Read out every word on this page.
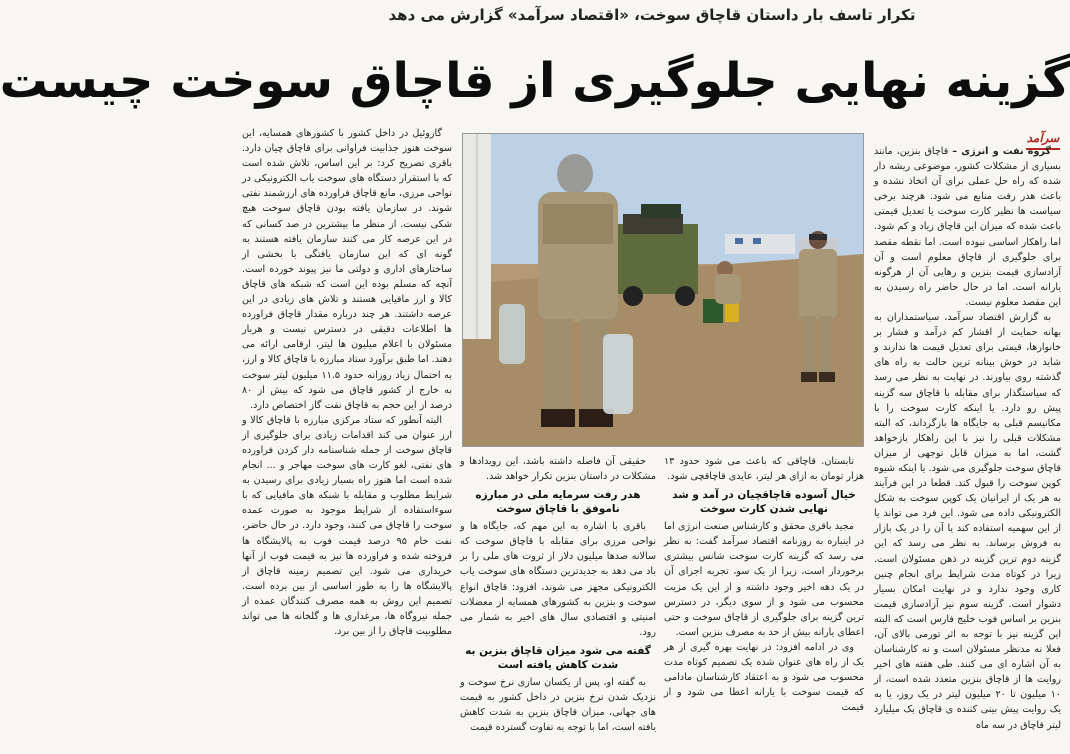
تکرار تاسف بار داستان قاچاق سوخت، «اقتصاد سرآمد» گزارش می دهد
گزینه نهایی جلوگیری از قاچاق سوخت چیست
سرآمد

گروه نفت و انرژی – قاچاق بنزین، مانند بسیاری از مشکلات کشور، موضوعی ریشه دار شده که راه حل عملی برای آن اتخاذ نشده و باعث هدر رفت منابع می شود. هرچند برخی سیاست ها نظیر کارت سوخت یا تعدیل قیمتی باعث شده که میزان این قاچاق زیاد و کم شود. اما راهکار اساسی نبوده است. اما نقطه مقصد برای جلوگیری از قاچاق معلوم است و آن آزادسازی قیمت بنزین و رهایی آن از هرگونه یارانه است. اما در حال حاضر راه رسیدن به این مقصد معلوم نیست.

به گزارش اقتصاد سرآمد، سیاستمداران به بهانه حمایت از اقشار کم درآمد و فشار بر خانوارها، قیمتی برای تعدیل قیمت ها ندارند و شاید در خوش بینانه ترین حالت به راه های گذشته روی بیاورند. در نهایت به نظر می رسد که سیاستگذار برای مقابله با قاچاق سه گزینه پیش رو دارد. یا اینکه کارت سوخت را با مکانیسم قبلی به جایگاه ها بازگرداند، که البته مشکلات قبلی را نیز با این راهکار بازخواهد گشت، اما به میزان قابل توجهی از میزان قاچاق سوخت جلوگیری می شود. یا اینکه شیوه کوپن سوخت را قبول کند. قطعا در این فرآیند به هر یک از ایرانیان یک کوپن سوخت به شکل الکترونیکی داده می شود. این فرد می تواند یا از این سهمیه استفاده کند یا آن را در یک بازار به فروش برساند. به نظر می رسد که این گزینه دوم ترین گزینه در ذهن مسئولان است. زیرا در کوتاه مدت شرایط برای انجام چنین کاری وجود ندارد و در نهایت امکان بسیار دشوار است. گزینه سوم نیز آزادسازی قیمت بنزین بر اساس فوب خلیج فارس است که البته این گزینه نیز با توجه به اثر تورمی بالای آن، فعلا نه مدنظر مسئولان است و نه کارشناسان به آن اشاره ای می کنند. طی هفته های اخیر روایت ها از قاچاق بنزین متعدد شده است، از ۱۰ میلیون تا ۲۰ میلیون لیتر در یک روز، یا به یک روایت پیش بینی کننده ی قاچاق یک میلیارد لیتر قاچاق در سه ماه

تابستان. قاچاقی که باعث می شود حدود ۱۳ هزار تومان به ازای هر لیتر، عایدی قاچاقچی شود.

خیال آسوده قاچاقچیان در آمد و شد نهایی شدن کارت سوخت

مجید باقری محقق و کارشناس صنعت انرژی اما در اینباره به روزنامه اقتصاد سرآمد گفت: به نظر می رسد که گزینه کارت سوخت شانس بیشتری برخوردار است، زیرا از یک سو، تجربه اجرای آن در یک دهه اخیر وجود داشته و از این یک مزیت محسوب می شود و از سوی دیگر، در دسترس ترین گزینه برای جلوگیری از قاچاق سوخت و حتی اعطای یارانه بیش از حد به مصرف بنزین است.

وی در ادامه افزود: در نهایت بهره گیری از هر یک از راه های عنوان شده یک تصمیم کوتاه مدت محسوب می شود و به اعتقاد کارشناسان مادامی که قیمت سوخت با یارانه اعطا می شود و از قیمت

حقیقی آن فاصله داشته باشد، این رویدادها و مشکلات در داستان بنزین تکرار خواهد شد.

هدر رفت سرمایه ملی در مبارزه ناموفق با قاچاق سوخت

باقری با اشاره به این مهم که، جایگاه ها و نواحی مرزی برای مقابله با قاچاق سوخت که سالانه صدها میلیون دلار از ثروت های ملی را بر باد می دهد به جدیدترین دستگاه های سوخت یاب الکترونیکی مجهز می شوند، افزود: قاچاق انواع سوخت و بنزین به کشورهای همسایه از معضلات امنیتی و اقتصادی سال های اخیر به شمار می رود.

گفته می شود میزان قاچاق بنزین به شدت کاهش یافته است

به گفته او، پس از یکسان سازی نرخ سوخت و نزدیک شدن نرخ بنزین در داخل کشور به قیمت های جهانی، میزان قاچاق بنزین به شدت کاهش یافته است، اما با توجه به تفاوت گسترده قیمت

گازوئیل در داخل کشور با کشورهای همسایه، این سوخت هنوز جذابیت فراوانی برای قاچاق چیان دارد. باقری تصریح کرد: بر این اساس، تلاش شده است که با استقرار دستگاه های سوخت یاب الکترونیکی در نواحی مرزی، مانع قاچاق فراورده های ارزشمند نفتی شوند. در سازمان یافته بودن قاچاق سوخت هیچ شکی نیست. از منظر ما بیشترین در صد کسانی که در این عرصه کار می کنند سازمان یافته هستند به گونه ای که این سازمان یافتگی با بخشی از ساختارهای اداری و دولتی ما نیز پیوند خورده است. آنچه که مسلم بوده این است که شبکه های قاچاق کالا و ارز مافیایی هستند و تلاش های زیادی در این عرصه داشتند. هر چند درباره مقدار قاچاق فراورده ها اطلاعات دقیقی در دسترس نیست و هربار مسئولان با اعلام میلیون ها لیتر، ارقامی ارائه می دهند. اما طبق برآورد ستاد مبارزه با قاچاق کالا و ارز، به احتمال زیاد روزانه حدود ۱۱.۵ میلیون لیتر سوخت به خارج از کشور قاچاق می شود که بیش از ۸۰ درصد از این حجم به قاچاق نفت گاز اختصاص دارد.

البته آنطور که ستاد مرکزی مبارزه با قاچاق کالا و ارز عنوان می کند اقدامات زیادی برای جلوگیری از قاچاق سوخت از جمله شناسنامه دار کردن فراورده های نفتی، لغو کارت های سوخت مهاجر و ... انجام شده است اما هنوز راه بسیار زیادی برای رسیدن به شرایط مطلوب و مقابله با شبکه های مافیایی که با سوءاستفاده از شرایط موجود به صورت عمده سوخت را قاچاق می کنند، وجود دارد. در حال حاضر، نفت خام ۹۵ درصد قیمت فوب به پالایشگاه ها فروخته شده و فراورده ها نیز به قیمت فوب از آنها خریداری می شود. این تصمیم زمینه قاچاق از پالایشگاه ها را به طور اساسی از بین برده است. تصمیم این روش به همه مصرف کنندگان عمده از جمله نیروگاه ها، مرغداری ها و گلخانه ها می تواند مطلوبیت قاچاق را از بین برد.
